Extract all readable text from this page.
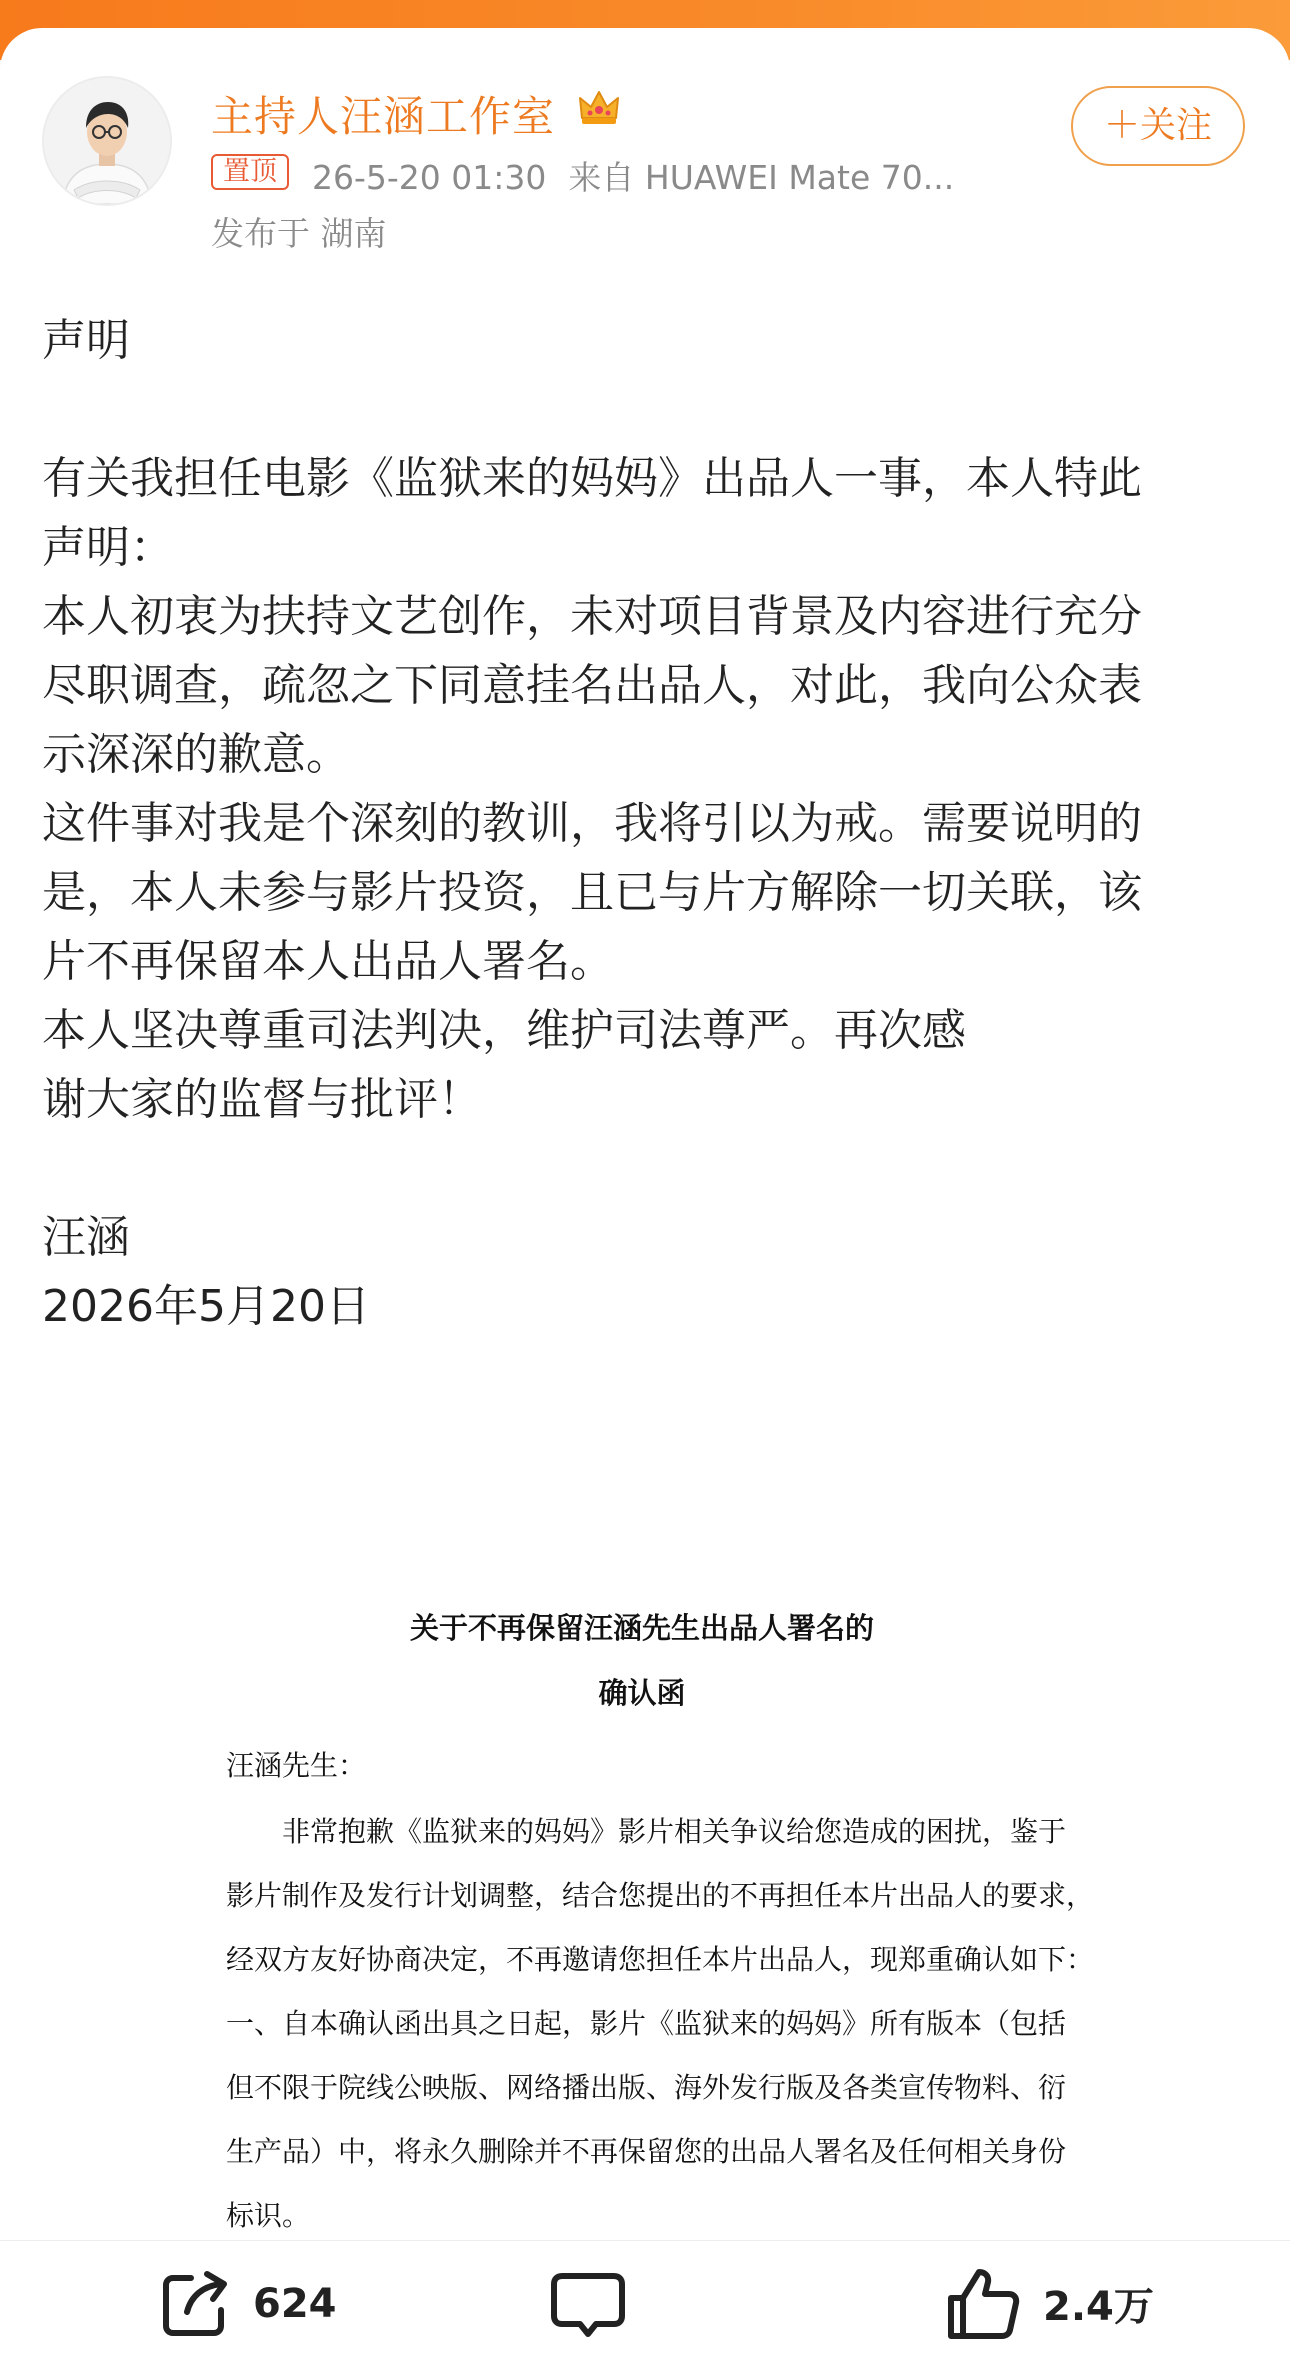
主持人汪涵工作室
置顶	26-5-20 01:30 来自 HUAWEI Mate 70...
发布于 湖南
＋关注

声明

有关我担任电影《监狱来的妈妈》出品人一事，本人特此

声明：

本人初衷为扶持文艺创作，未对项目背景及内容进行充分

尽职调查，疏忽之下同意挂名出品人，对此，我向公众表

示深深的歉意。

这件事对我是个深刻的教训，我将引以为戒。需要说明的

是，本人未参与影片投资，且已与片方解除一切关联，该

片不再保留本人出品人署名。

本人坚决尊重司法判决，维护司法尊严。再次感

谢大家的监督与批评！

汪涵

2026年5月20日

关于不再保留汪涵先生出品人署名的
确认函
汪涵先生：
非常抱歉《监狱来的妈妈》影片相关争议给您造成的困扰，鉴于
影片制作及发行计划调整，结合您提出的不再担任本片出品人的要求，
经双方友好协商决定，不再邀请您担任本片出品人，现郑重确认如下：
一、自本确认函出具之日起，影片《监狱来的妈妈》所有版本（包括
但不限于院线公映版、网络播出版、海外发行版及各类宣传物料、衍
生产品）中，将永久删除并不再保留您的出品人署名及任何相关身份
标识。
624	2.4万
